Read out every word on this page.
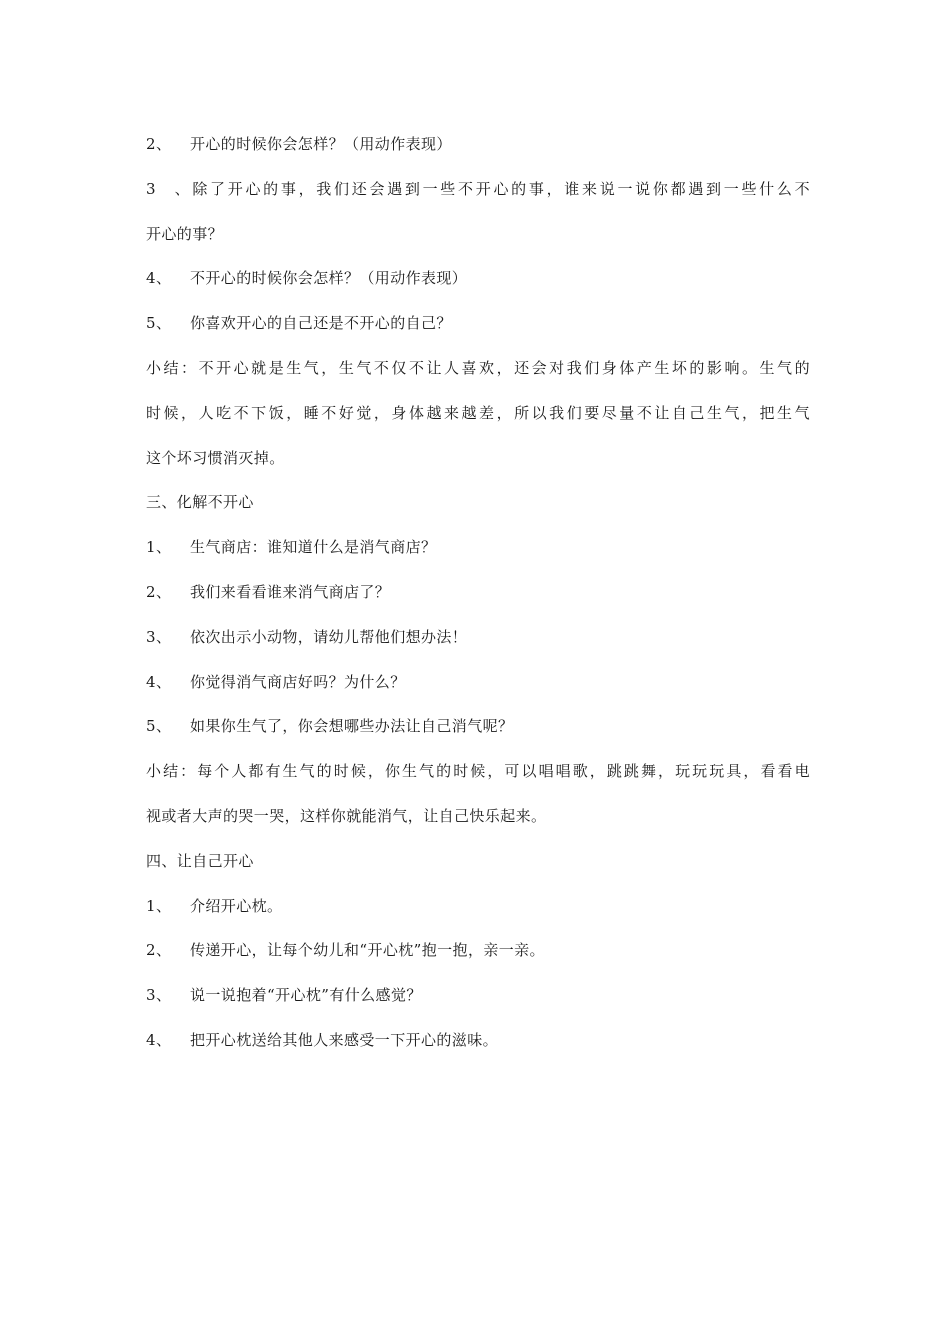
2、 开心的时候你会怎样？（用动作表现）
3、除了开心的事，我们还会遇到一些不开心的事，谁来说一说你都遇到一些什么不
开心的事？
4、 不开心的时候你会怎样？（用动作表现）
5、 你喜欢开心的自己还是不开心的自己？
小结：不开心就是生气，生气不仅不让人喜欢，还会对我们身体产生坏的影响。生气的
时候，人吃不下饭，睡不好觉，身体越来越差，所以我们要尽量不让自己生气，把生气
这个坏习惯消灭掉。
三、化解不开心
1、 生气商店：谁知道什么是消气商店？
2、 我们来看看谁来消气商店了？
3、 依次出示小动物，请幼儿帮他们想办法！
4、 你觉得消气商店好吗？为什么？
5、 如果你生气了，你会想哪些办法让自己消气呢？
小结：每个人都有生气的时候，你生气的时候，可以唱唱歌，跳跳舞，玩玩玩具，看看电
视或者大声的哭一哭，这样你就能消气，让自己快乐起来。
四、让自己开心
1、 介绍开心枕。
2、 传递开心，让每个幼儿和“开心枕”抱一抱，亲一亲。
3、 说一说抱着“开心枕”有什么感觉？
4、 把开心枕送给其他人来感受一下开心的滋味。
